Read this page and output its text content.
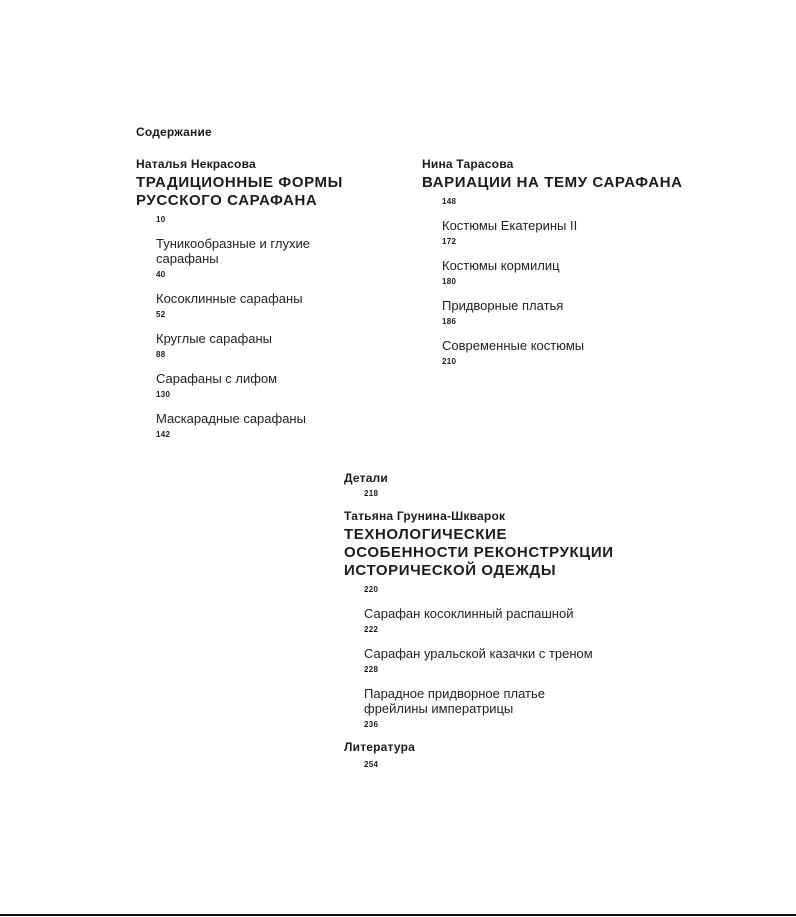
Содержание
Наталья Некрасова
ТРАДИЦИОННЫЕ ФОРМЫ
РУССКОГО САРАФАНА
10
Туникообразные и глухие
сарафаны
40
Косоклинные сарафаны
52
Круглые сарафаны
88
Сарафаны с лифом
130
Маскарадные сарафаны
142
Нина Тарасова
ВАРИАЦИИ НА ТЕМУ САРАФАНА
148
Костюмы Екатерины II
172
Костюмы кормилиц
180
Придворные платья
186
Современные костюмы
210
Детали
218
Татьяна Грунина-Шкварок
ТЕХНОЛОГИЧЕСКИЕ
ОСОБЕННОСТИ РЕКОНСТРУКЦИИ
ИСТОРИЧЕСКОЙ ОДЕЖДЫ
220
Сарафан косоклинный распашной
222
Сарафан уральской казачки с треном
228
Парадное придворное платье
фрейлины императрицы
236
Литература
254
